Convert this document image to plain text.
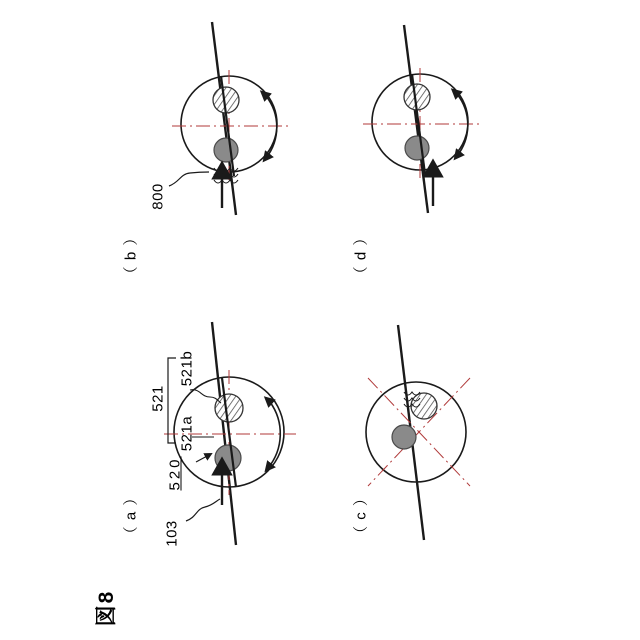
図8
（ a ）
（ b ）
（ c ）
（ d ）
520
103
521
521a
521b
800
